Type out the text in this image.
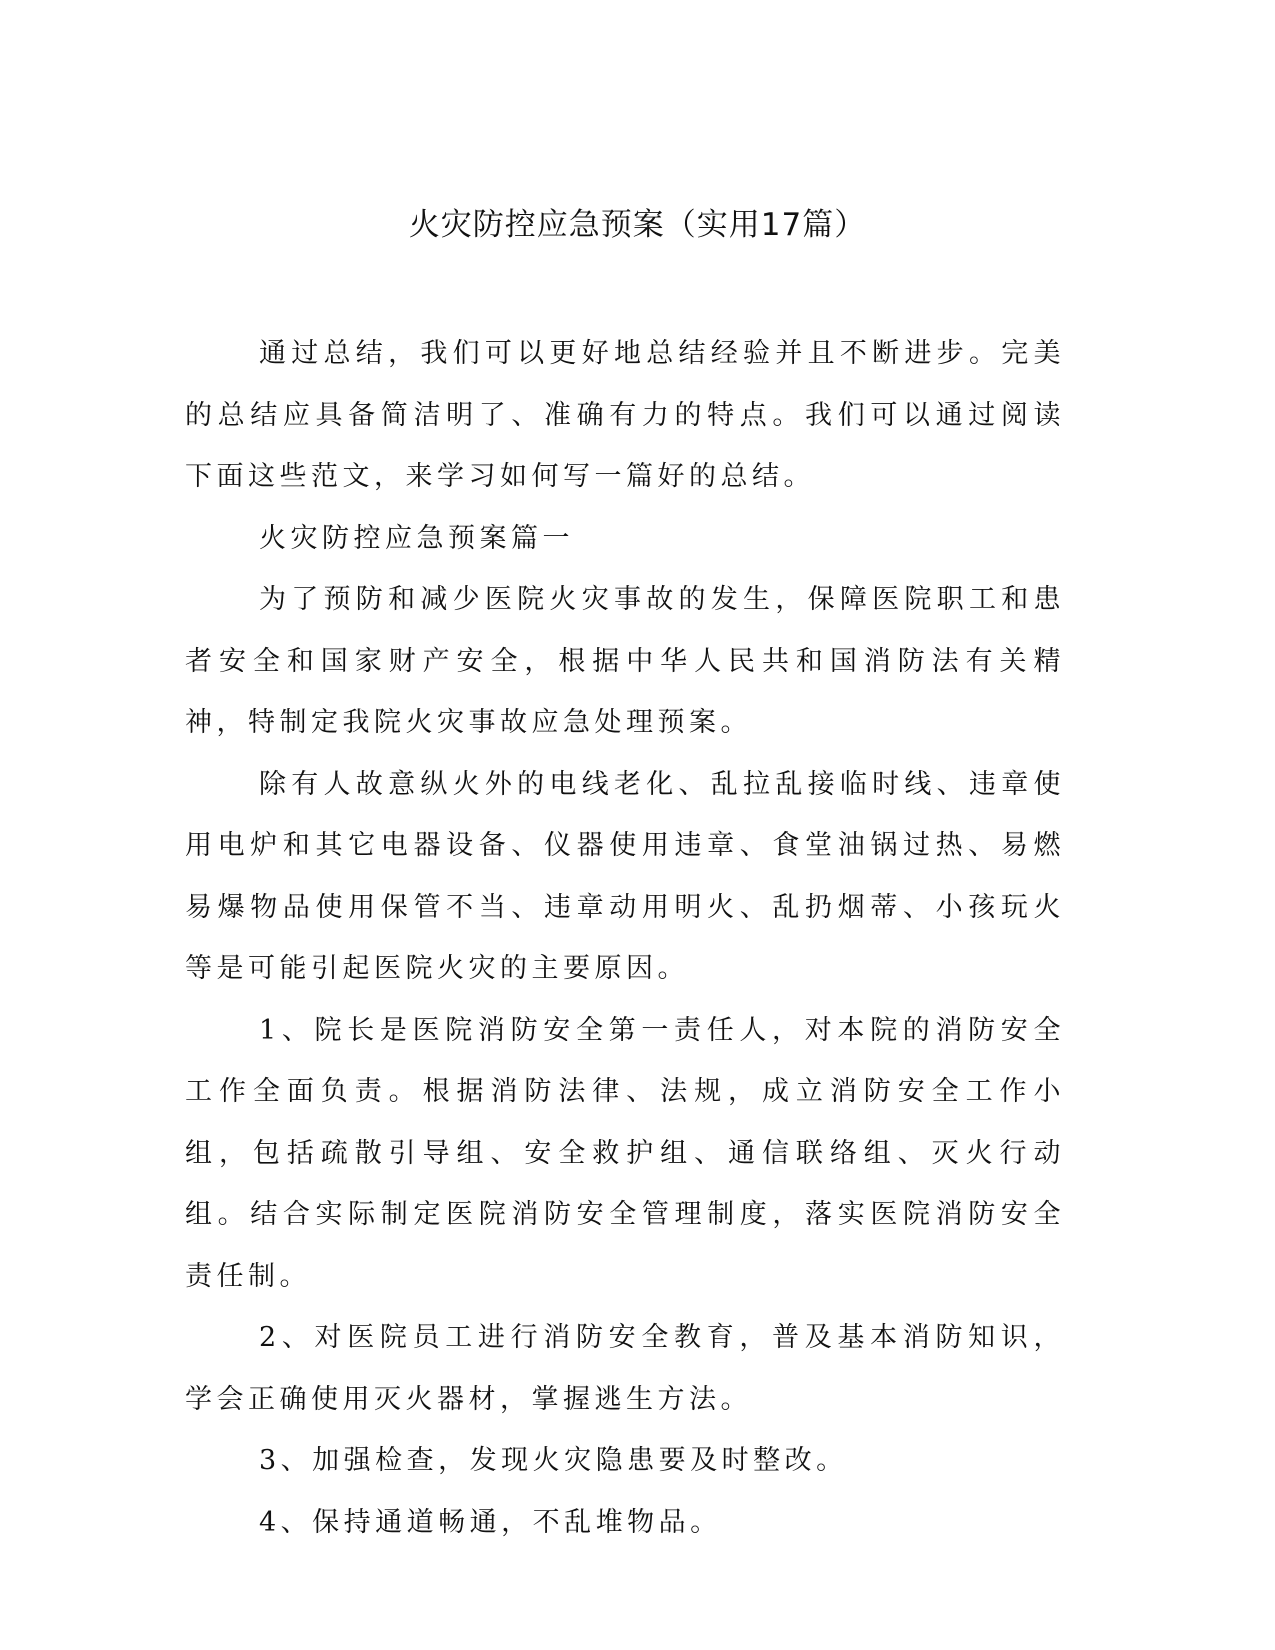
火灾防控应急预案（实用17篇）

通过总结，我们可以更好地总结经验并且不断进步。完美的总结应具备简洁明了、准确有力的特点。我们可以通过阅读下面这些范文，来学习如何写一篇好的总结。

火灾防控应急预案篇一

为了预防和减少医院火灾事故的发生，保障医院职工和患者安全和国家财产安全，根据中华人民共和国消防法有关精神，特制定我院火灾事故应急处理预案。

除有人故意纵火外的电线老化、乱拉乱接临时线、违章使用电炉和其它电器设备、仪器使用违章、食堂油锅过热、易燃易爆物品使用保管不当、违章动用明火、乱扔烟蒂、小孩玩火等是可能引起医院火灾的主要原因。

1、院长是医院消防安全第一责任人，对本院的消防安全工作全面负责。根据消防法律、法规，成立消防安全工作小组，包括疏散引导组、安全救护组、通信联络组、灭火行动组。结合实际制定医院消防安全管理制度，落实医院消防安全责任制。

2、对医院员工进行消防安全教育，普及基本消防知识，学会正确使用灭火器材，掌握逃生方法。

3、加强检查，发现火灾隐患要及时整改。

4、保持通道畅通，不乱堆物品。
